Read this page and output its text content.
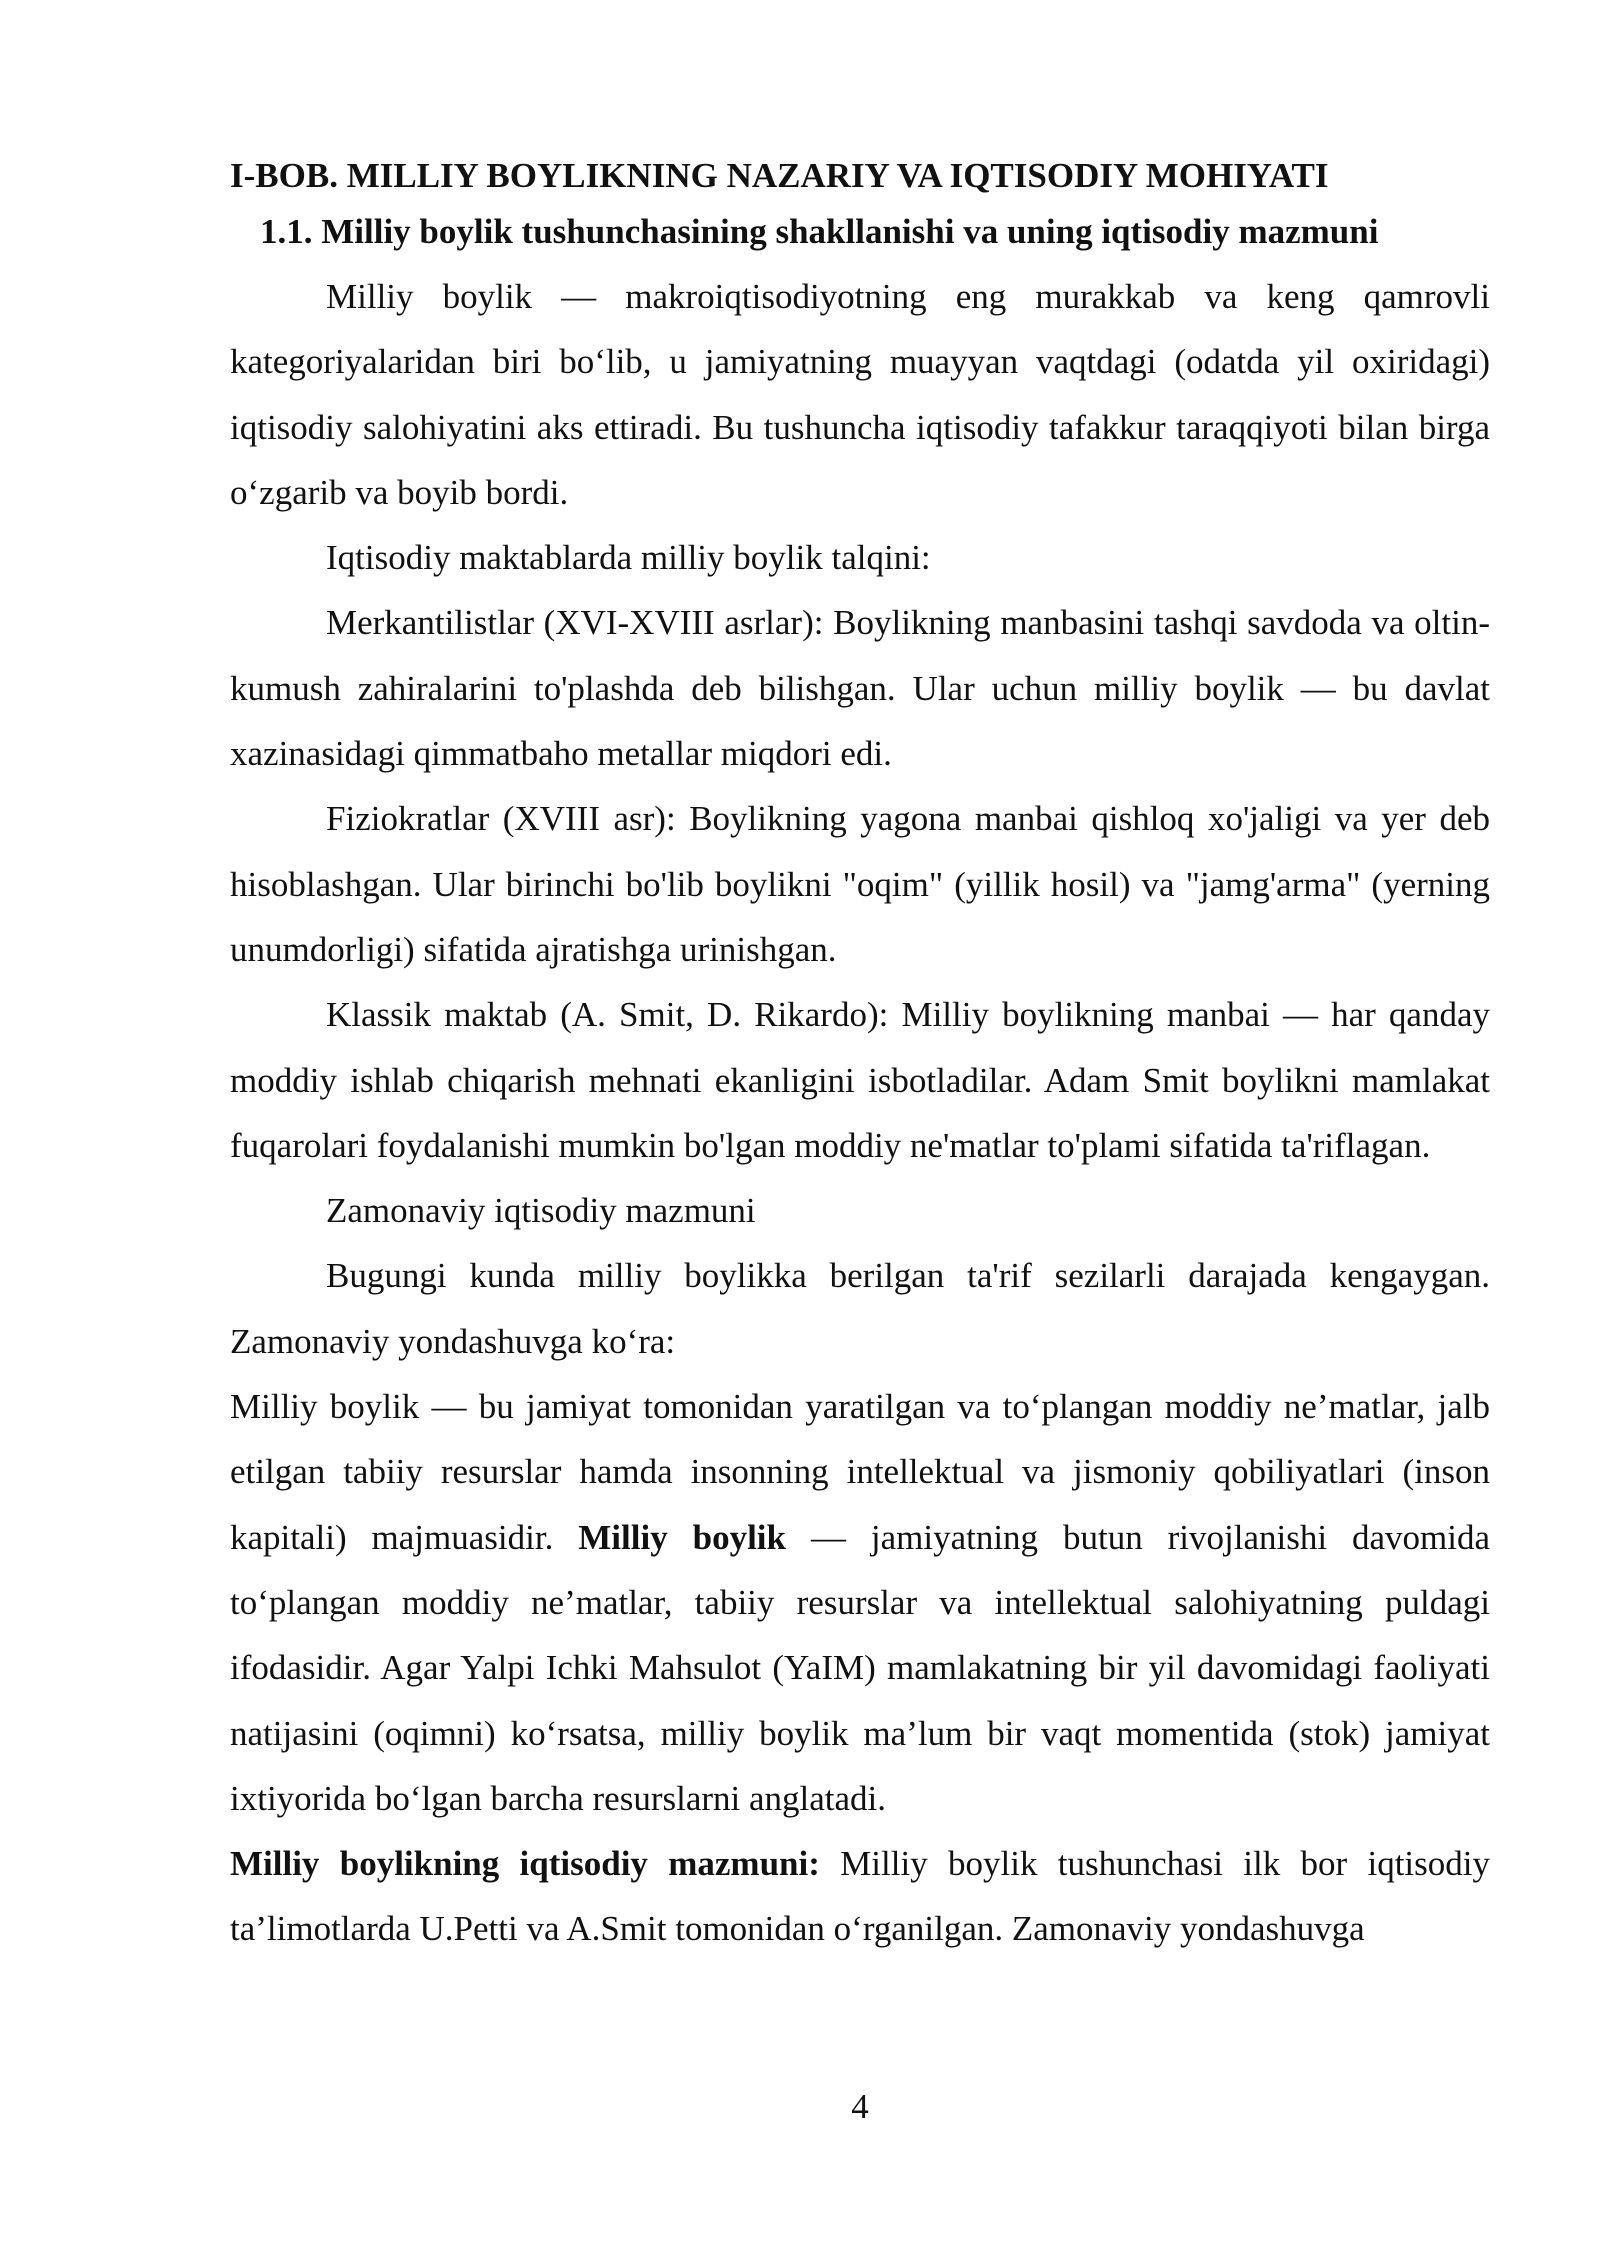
I-BOB. MILLIY BOYLIKNING NAZARIY VA IQTISODIY MOHIYATI

1.1. Milliy boylik tushunchasining shakllanishi va uning iqtisodiy mazmuni

Milliy boylik — makroiqtisodiyotning eng murakkab va keng qamrovli kategoriyalaridan biri bo‘lib, u jamiyatning muayyan vaqtdagi (odatda yil oxiridagi) iqtisodiy salohiyatini aks ettiradi. Bu tushuncha iqtisodiy tafakkur taraqqiyoti bilan birga o‘zgarib va boyib bordi.

Iqtisodiy maktablarda milliy boylik talqini:

Merkantilistlar (XVI-XVIII asrlar): Boylikning manbasini tashqi savdoda va oltin-kumush zahiralarini to'plashda deb bilishgan. Ular uchun milliy boylik — bu davlat xazinasidagi qimmatbaho metallar miqdori edi.

Fiziokratlar (XVIII asr): Boylikning yagona manbai qishloq xo'jaligi va yer deb hisoblashgan. Ular birinchi bo'lib boylikni "oqim" (yillik hosil) va "jamg'arma" (yerning unumdorligi) sifatida ajratishga urinishgan.

Klassik maktab (A. Smit, D. Rikardo): Milliy boylikning manbai — har qanday moddiy ishlab chiqarish mehnati ekanligini isbotladilar. Adam Smit boylikni mamlakat fuqarolari foydalanishi mumkin bo'lgan moddiy ne'matlar to'plami sifatida ta'riflagan.

Zamonaviy iqtisodiy mazmuni

Bugungi kunda milliy boylikka berilgan ta'rif sezilarli darajada kengaygan. Zamonaviy yondashuvga ko‘ra:

Milliy boylik — bu jamiyat tomonidan yaratilgan va to‘plangan moddiy ne’matlar, jalb etilgan tabiiy resurslar hamda insonning intellektual va jismoniy qobiliyatlari (inson kapitali) majmuasidir. Milliy boylik — jamiyatning butun rivojlanishi davomida to‘plangan moddiy ne’matlar, tabiiy resurslar va intellektual salohiyatning puldagi ifodasidir. Agar Yalpi Ichki Mahsulot (YaIM) mamlakatning bir yil davomidagi faoliyati natijasini (oqimni) ko‘rsatsa, milliy boylik ma’lum bir vaqt momentida (stok) jamiyat ixtiyorida bo‘lgan barcha resurslarni anglatadi.

Milliy boylikning iqtisodiy mazmuni: Milliy boylik tushunchasi ilk bor iqtisodiy ta’limotlarda U.Petti va A.Smit tomonidan o‘rganilgan. Zamonaviy yondashuvga

4
